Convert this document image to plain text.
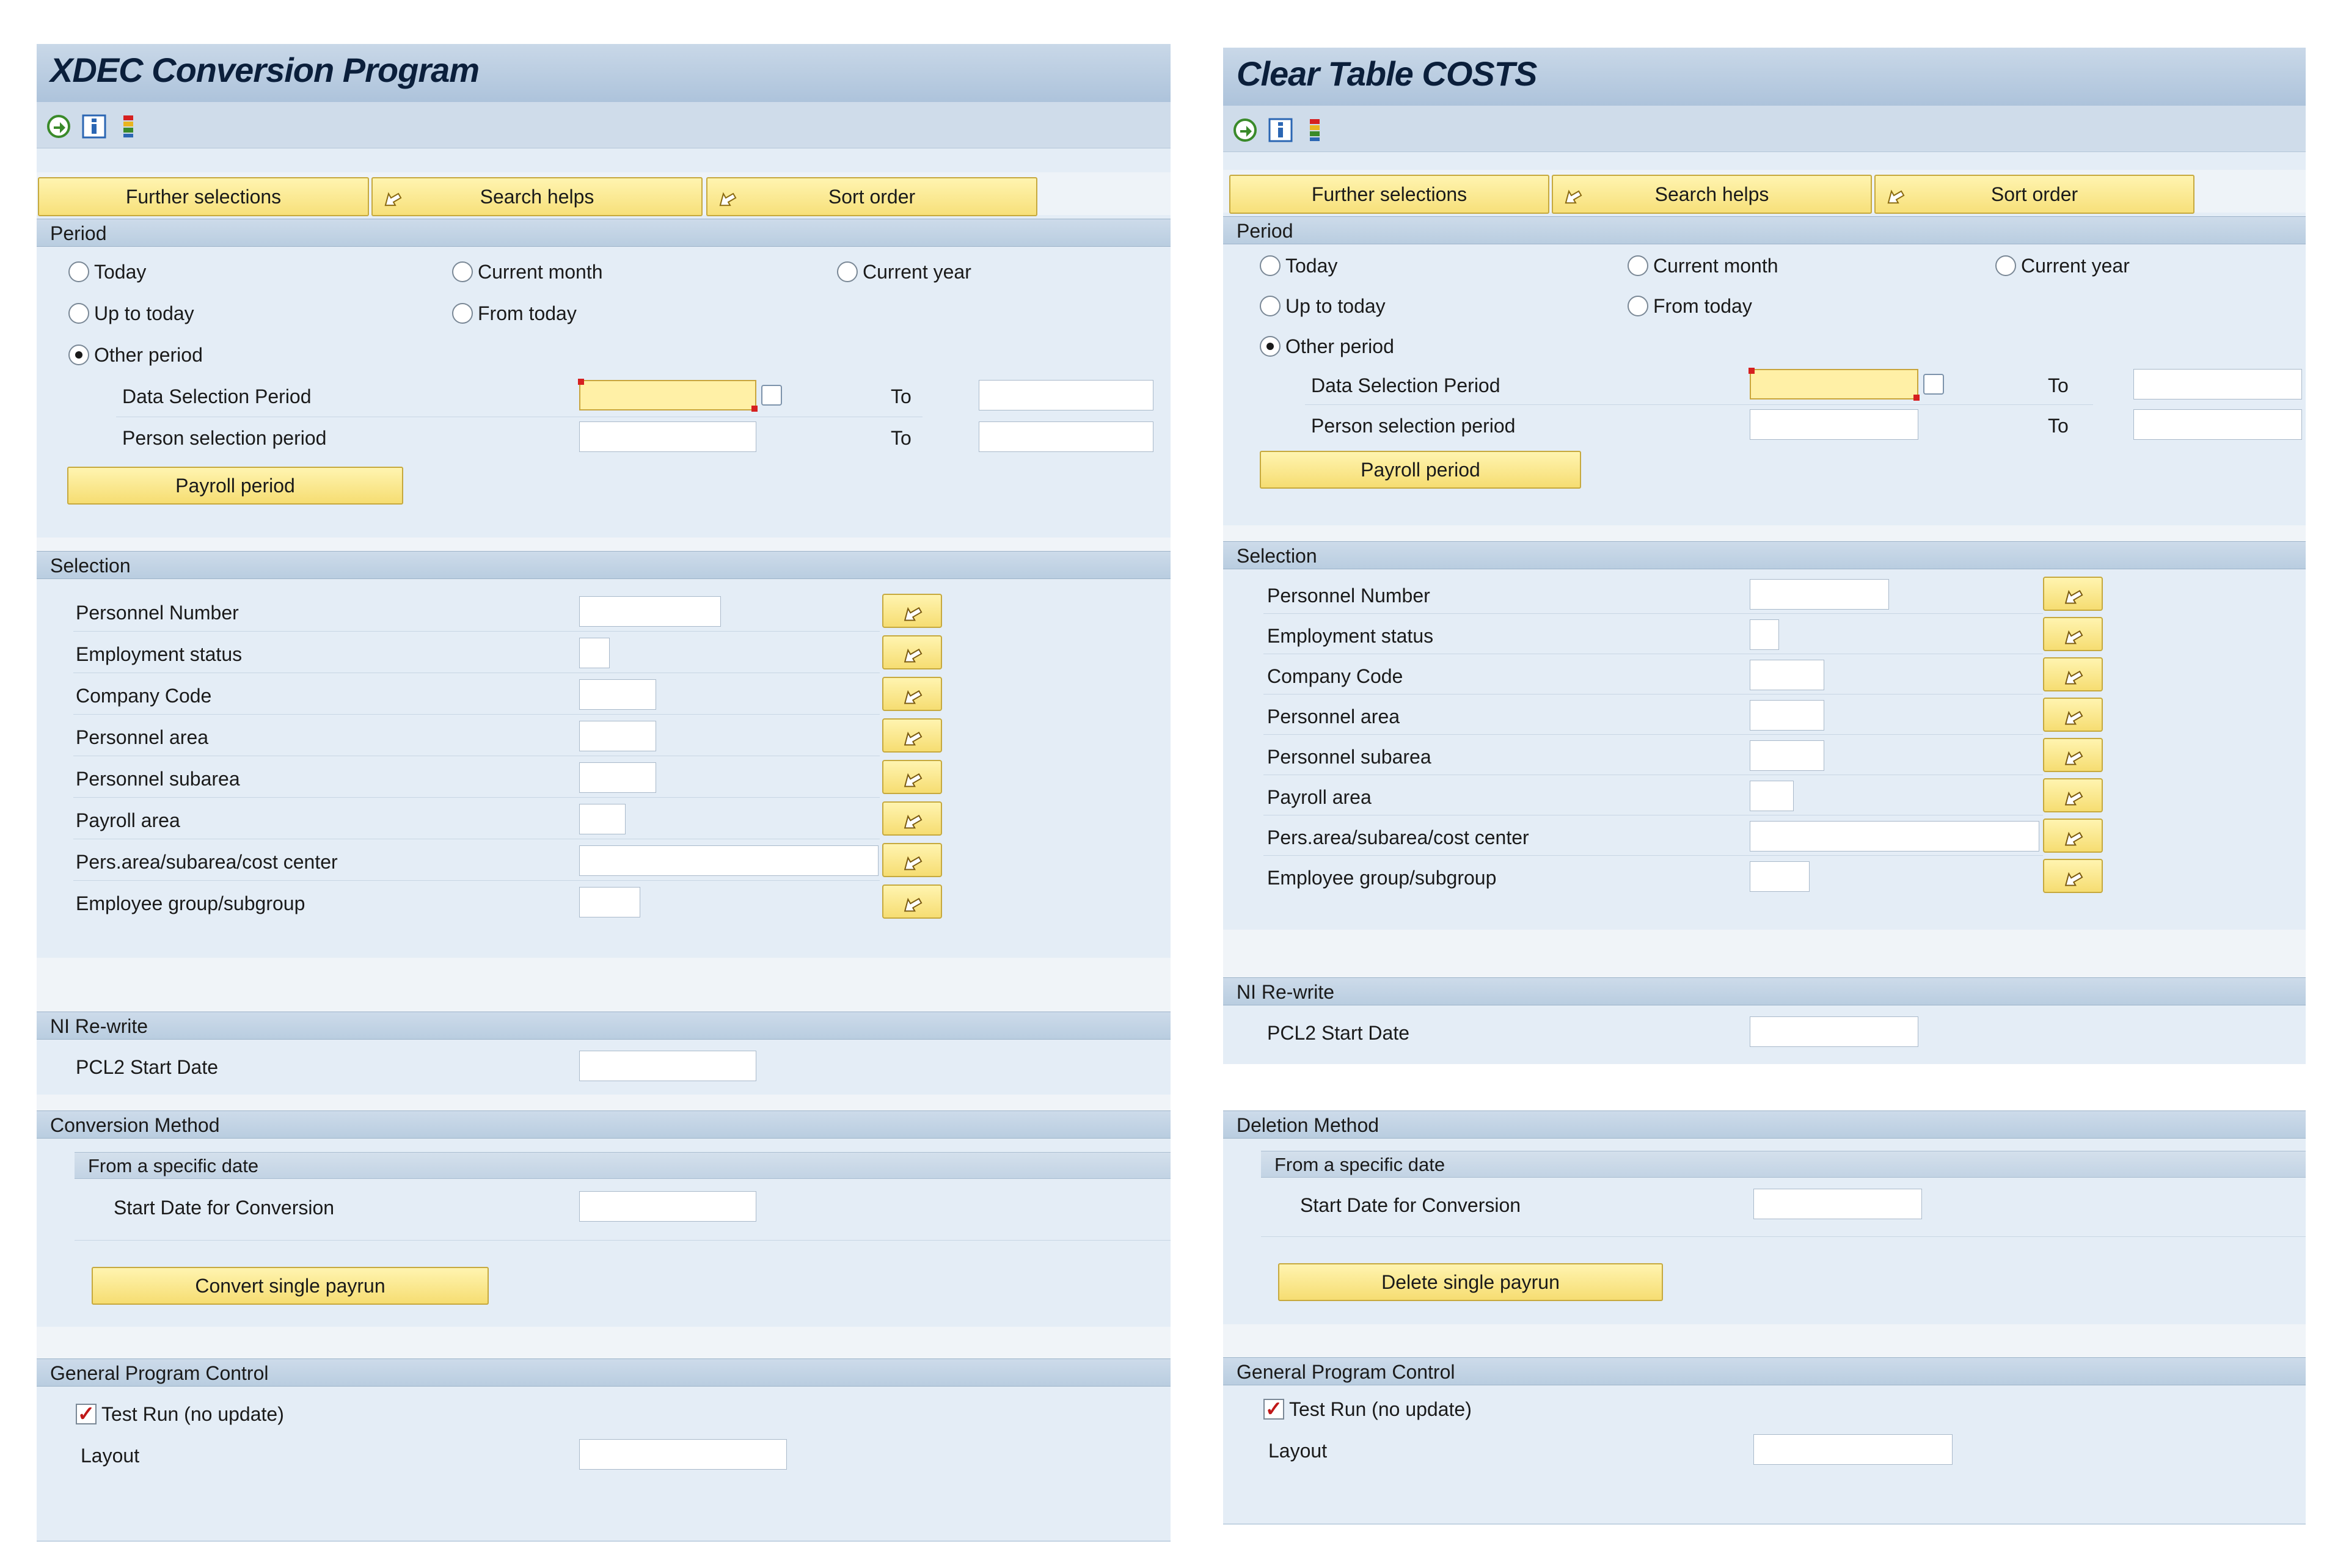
XDEC Conversion Program
Further selections	Search helps	Sort order
Period
Today	Current month	Current year
Up to today	From today
Other period
Data Selection Period	To
Person selection period	To
Payroll period
Selection
Personnel Number
Employment status
Company Code
Personnel area
Personnel subarea
Payroll area
Pers.area/subarea/cost center
Employee group/subgroup
NI Re-write
PCL2 Start Date
Conversion Method
From a specific date
Start Date for Conversion
Convert single payrun
General Program Control
✓ Test Run (no update)
Layout
Clear Table COSTS
Further selections	Search helps	Sort order
Period
Today	Current month	Current year
Up to today	From today
Other period
Data Selection Period	To
Person selection period	To
Payroll period
Selection
Personnel Number
Employment status
Company Code
Personnel area
Personnel subarea
Payroll area
Pers.area/subarea/cost center
Employee group/subgroup
NI Re-write
PCL2 Start Date
Deletion Method
From a specific date
Start Date for Conversion
Delete single payrun
General Program Control
✓ Test Run (no update)
Layout
